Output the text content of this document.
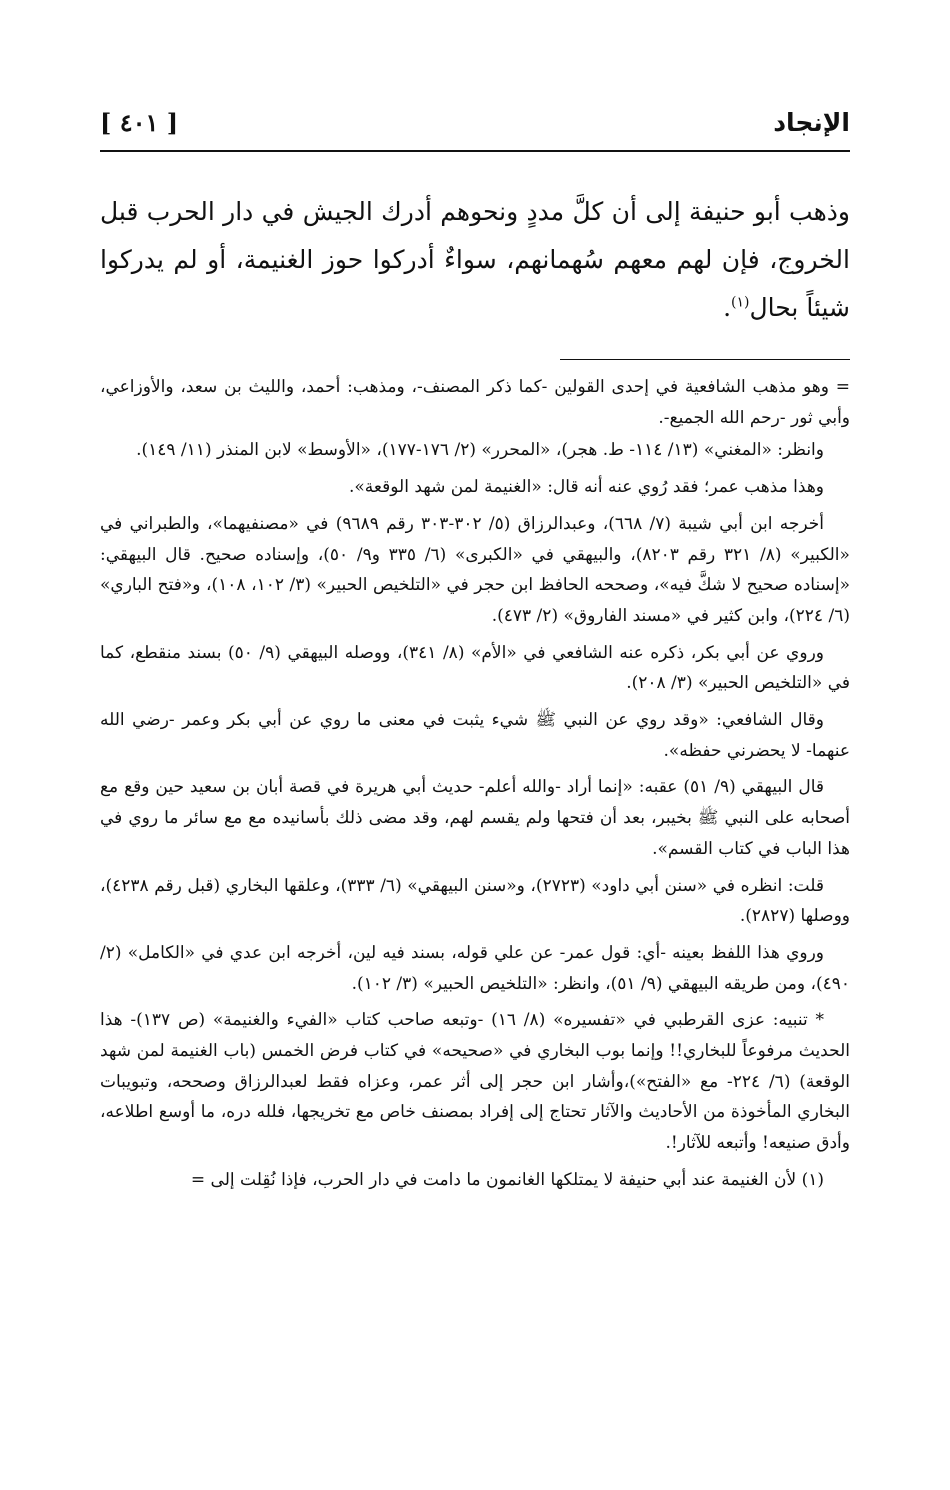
الإنجاد
[ ٤٠١ ]
وذهب أبو حنيفة إلى أن كلَّ مددٍ ونحوهم أدرك الجيش في دار الحرب قبل الخروج، فإن لهم معهم سُهمانهم، سواءٌ أدركوا حوز الغنيمة، أو لم يدركوا شيئاً بحال$^{(١)}$.

= وهو مذهب الشافعية في إحدى القولين -كما ذكر المصنف-، ومذهب: أحمد، والليث بن سعد، والأوزاعي، وأبي ثور -رحم الله الجميع-.

وانظر: «المغني» (١٣/ ١١٤- ط. هجر)، «المحرر» (٢/ ١٧٦-١٧٧)، «الأوسط» لابن المنذر (١١/ ١٤٩).

وهذا مذهب عمر؛ فقد رُوي عنه أنه قال: «الغنيمة لمن شهد الوقعة».

أخرجه ابن أبي شيبة (٧/ ٦٦٨)، وعبدالرزاق (٥/ ٣٠٢-٣٠٣ رقم ٩٦٨٩) في «مصنفيهما»، والطبراني في «الكبير» (٨/ ٣٢١ رقم ٨٢٠٣)، والبيهقي في «الكبرى» (٦/ ٣٣٥ و٩/ ٥٠)، وإسناده صحيح. قال البيهقي: «إسناده صحيح لا شكَّ فيه»، وصححه الحافظ ابن حجر في «التلخيص الحبير» (٣/ ١٠٢، ١٠٨)، و«فتح الباري» (٦/ ٢٢٤)، وابن كثير في «مسند الفاروق» (٢/ ٤٧٣).

وروي عن أبي بكر، ذكره عنه الشافعي في «الأم» (٨/ ٣٤١)، ووصله البيهقي (٩/ ٥٠) بسند منقطع، كما في «التلخيص الحبير» (٣/ ٢٠٨).

وقال الشافعي: «وقد روي عن النبي ﷺ شيء يثبت في معنى ما روي عن أبي بكر وعمر -رضي الله عنهما- لا يحضرني حفظه».

قال البيهقي (٩/ ٥١) عقبه: «إنما أراد -والله أعلم- حديث أبي هريرة في قصة أبان بن سعيد حين وقع مع أصحابه على النبي ﷺ بخيبر، بعد أن فتحها ولم يقسم لهم، وقد مضى ذلك بأسانيده مع مع سائر ما روي في هذا الباب في كتاب القسم».

قلت: انظره في «سنن أبي داود» (٢٧٢٣)، و«سنن البيهقي» (٦/ ٣٣٣)، وعلقها البخاري (قبل رقم ٤٢٣٨)، ووصلها (٢٨٢٧).

وروي هذا اللفظ بعينه -أي: قول عمر- عن علي قوله، بسند فيه لين، أخرجه ابن عدي في «الكامل» (٢/ ٤٩٠)، ومن طريقه البيهقي (٩/ ٥١)، وانظر: «التلخيص الحبير» (٣/ ١٠٢).

* تنبيه: عزى القرطبي في «تفسيره» (٨/ ١٦) -وتبعه صاحب كتاب «الفيء والغنيمة» (ص ١٣٧)- هذا الحديث مرفوعاً للبخاري!! وإنما بوب البخاري في «صحيحه» في كتاب فرض الخمس (باب الغنيمة لمن شهد الوقعة) (٦/ ٢٢٤- مع «الفتح»)،وأشار ابن حجر إلى أثر عمر، وعزاه فقط لعبدالرزاق وصححه، وتبويبات البخاري المأخوذة من الأحاديث والآثار تحتاج إلى إفراد بمصنف خاص مع تخريجها، فلله دره، ما أوسع اطلاعه، وأدق صنيعه! وأتبعه للآثار!.

(١) لأن الغنيمة عند أبي حنيفة لا يمتلكها الغانمون ما دامت في دار الحرب، فإذا نُقِلت إلى =
